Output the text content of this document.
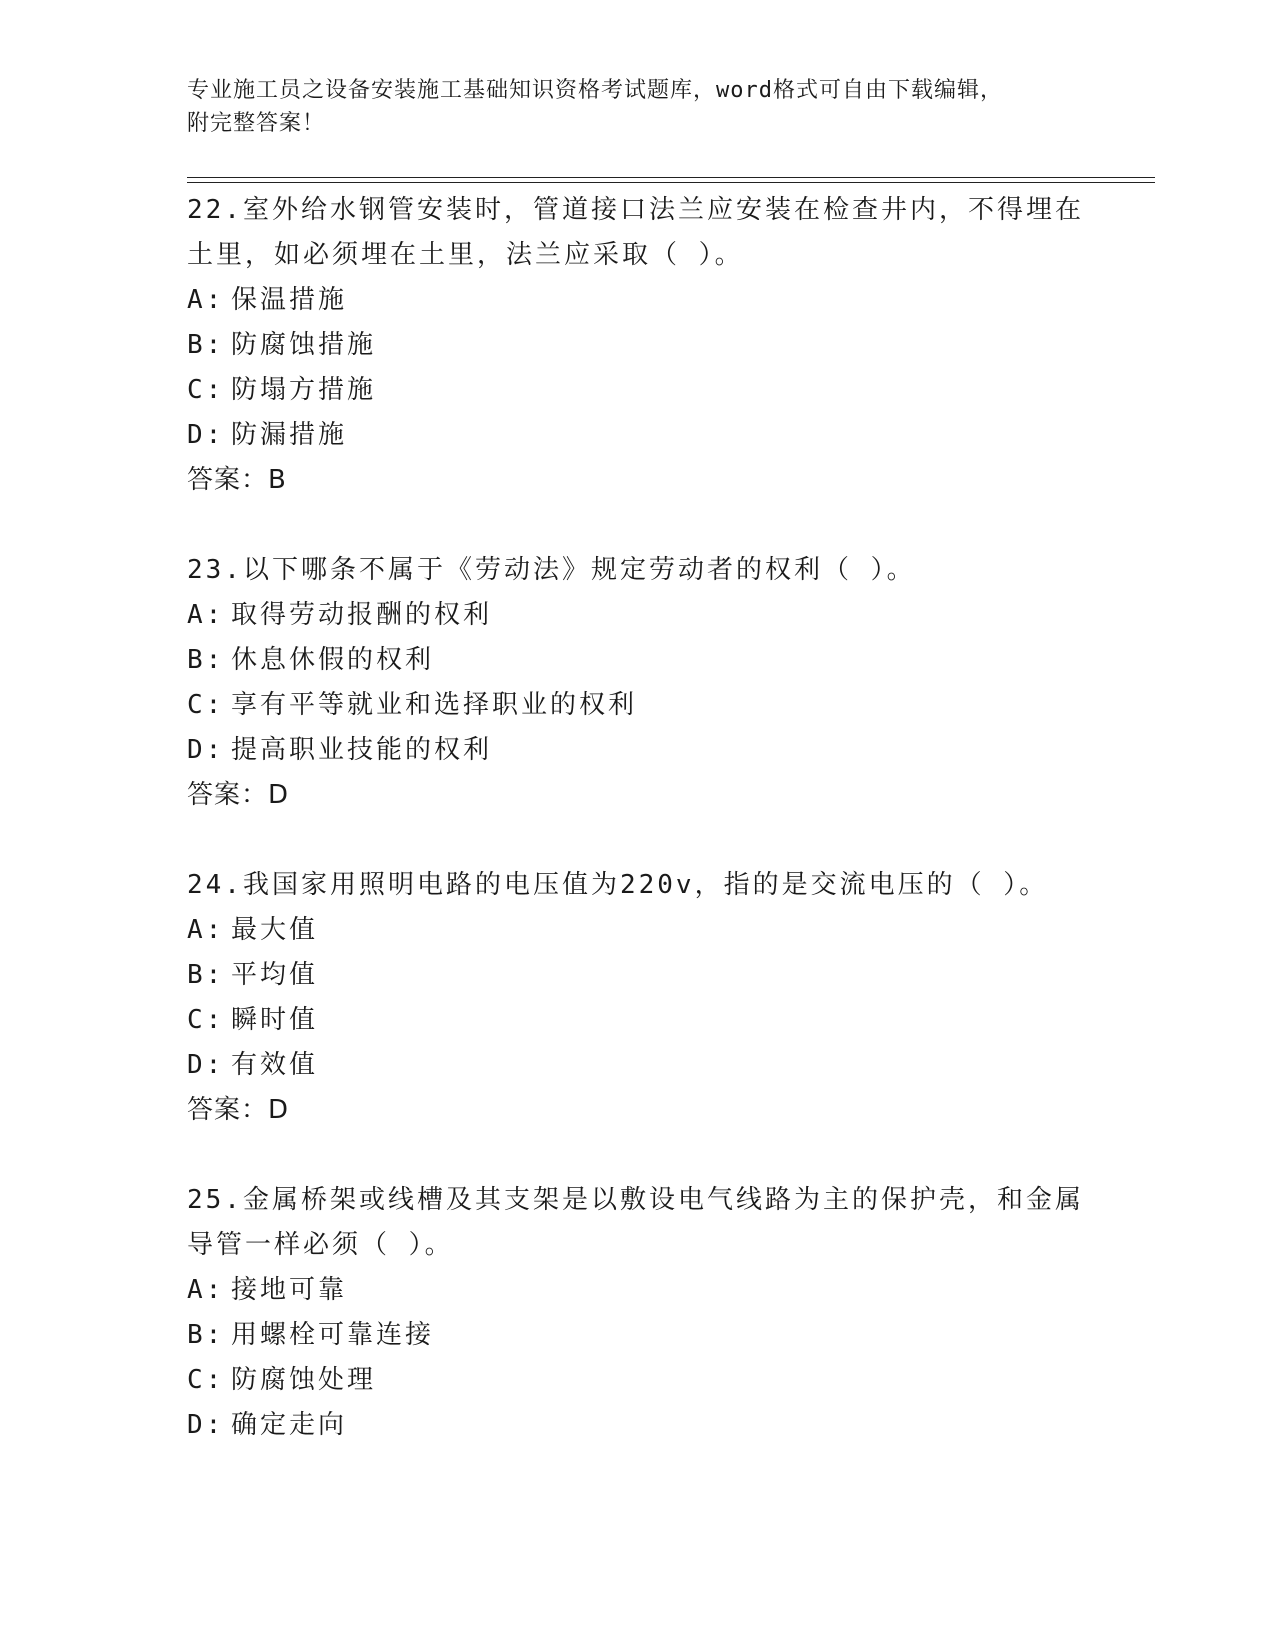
专业施工员之设备安装施工基础知识资格考试题库，word格式可自由下载编辑，
附完整答案！
22.室外给水钢管安装时，管道接口法兰应安装在检查井内，不得埋在
土里，如必须埋在土里，法兰应采取（ ）。
A: 保温措施
B: 防腐蚀措施
C: 防塌方措施
D: 防漏措施
答案：B
23.以下哪条不属于《劳动法》规定劳动者的权利（ ）。
A: 取得劳动报酬的权利
B: 休息休假的权利
C: 享有平等就业和选择职业的权利
D: 提高职业技能的权利
答案：D
24.我国家用照明电路的电压值为220v，指的是交流电压的（ ）。
A: 最大值
B: 平均值
C: 瞬时值
D: 有效值
答案：D
25.金属桥架或线槽及其支架是以敷设电气线路为主的保护壳，和金属
导管一样必须（ ）。
A: 接地可靠
B: 用螺栓可靠连接
C: 防腐蚀处理
D: 确定走向
